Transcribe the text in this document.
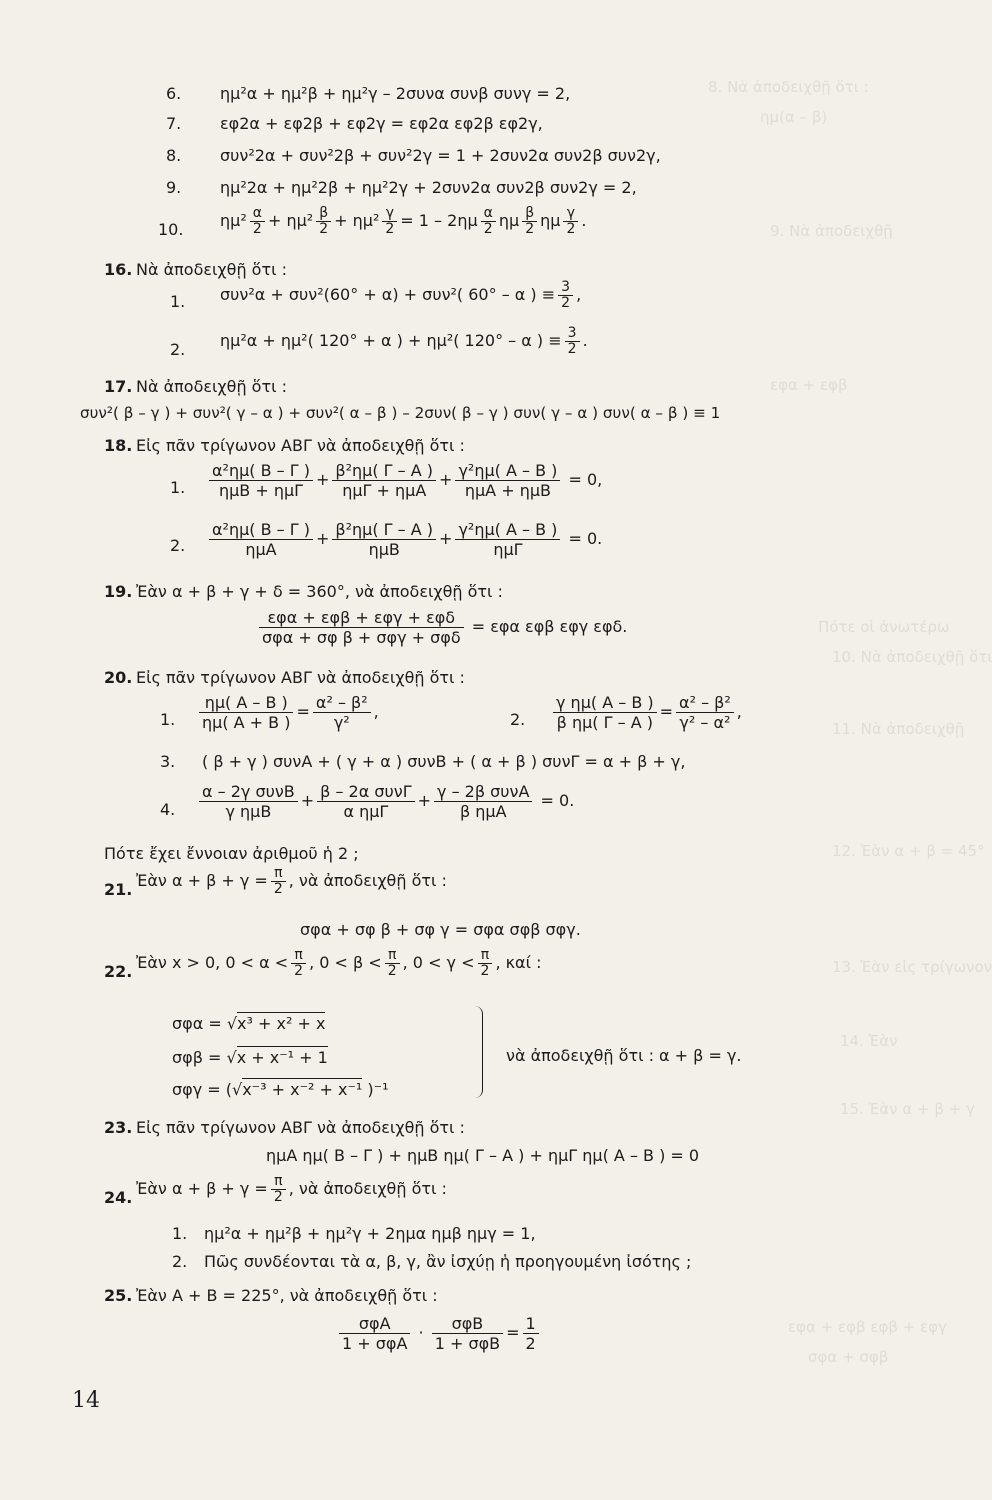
8. Νὰ ἀποδειχθῇ ὅτι :
ημ(α – β)
9. Νὰ ἀποδειχθῇ
εφα + εφβ
Πότε οἱ ἀνωτέρω
10. Νὰ ἀποδειχθῇ ὅτι
11. Νὰ ἀποδειχθῇ
12. Ἐὰν α + β = 45°
13. Ἐὰν εἰς τρίγωνον
14. Ἐὰν
15. Ἐὰν α + β + γ
εφα + εφβ εφβ + εφγ
σφα + σφβ
6. ημ²α + ημ²β + ημ²γ – 2συνα συνβ συνγ = 2,
7. εφ2α + εφ2β + εφ2γ = εφ2α εφ2β εφ2γ,
8. συν²2α + συν²2β + συν²2γ = 1 + 2συν2α συν2β συν2γ,
9. ημ²2α + ημ²2β + ημ²2γ + 2συν2α συν2β συν2γ = 2,
10. $\eta\mu^2 \frac{\alpha}{2} + \eta\mu^2 \frac{\beta}{2} + \eta\mu^2 \frac{\gamma}{2} = 1 - 2\eta\mu \frac{\alpha}{2}$ ημ $\frac{\beta}{2}$ ημ $\frac{\gamma}{2}$ .
16. Νὰ ἀποδειχθῇ ὅτι :
1. συν²α + συν²(60° + α) + συν²( 60° – α ) ≡ $\frac{3}{2}$ ,
2. ημ²α + ημ²( 120° + α ) + ημ²( 120° – α ) ≡ $\frac{3}{2}$ .
17. Νὰ ἀποδειχθῇ ὅτι :
συν²( β – γ ) + συν²( γ – α ) + συν²( α – β ) – 2συν( β – γ ) συν( γ – α ) συν( α – β ) ≡ 1
18. Εἰς πᾶν τρίγωνον ΑΒΓ νὰ ἀποδειχθῇ ὅτι :
1. $\frac{\text{α²ημ( Β – Γ )}}{\text{ημΒ + ημΓ}} + \frac{\text{β²ημ( Γ – Α )}}{\text{ημΓ + ημΑ}} + \frac{\text{γ²ημ( Α – Β )}}{\text{ημΑ + ημΒ}} = 0$,
2. $\frac{\text{α²ημ( Β – Γ )}}{\text{ημΑ}} + \frac{\text{β²ημ( Γ – Α )}}{\text{ημΒ}} + \frac{\text{γ²ημ( Α – Β )}}{\text{ημΓ}} = 0$.
19. Ἐὰν α + β + γ + δ = 360°, νὰ ἀποδειχθῇ ὅτι :
$\frac{\text{εφα + εφβ + εφγ + εφδ}}{\text{σφα + σφ β + σφγ + σφδ}} = \varepsilon\varphi\alpha$ εφβ εφγ εφδ.
20. Εἰς πᾶν τρίγωνον ΑΒΓ νὰ ἀποδειχθῇ ὅτι :
1. $\frac{\eta\mu( A - B )}{\eta\mu( A + B )} = \frac{\text{α² – β²}}{\text{γ²}}$ ,	2. $\frac{\text{γ ημ( Α – Β )}}{\text{β ημ( Γ – Α )}} = \frac{\text{α² – β²}}{\text{γ² – α²}}$ ,
3. ( β + γ ) συνΑ + ( γ + α ) συνΒ + ( α + β ) συνΓ = α + β + γ,
4. $\frac{\text{α – 2γ συνΒ}}{\text{γ ημΒ}} + \frac{\text{β – 2α συνΓ}}{\text{α ημΓ}} + \frac{\text{γ – 2β συνΑ}}{\text{β ημΑ}} = 0$.
Πότε ἔχει ἔννοιαν ἀριθμοῦ ἡ 2 ;
21. Ἐὰν $\alpha + \beta + \gamma = \frac{\pi}{2}$ , νὰ ἀποδειχθῇ ὅτι :
σφα + σφ β + σφ γ = σφα σφβ σφγ.
22. Ἐὰν x > 0, $0 < \alpha < \frac{\pi}{2}$ , $0 < \beta < \frac{\pi}{2}$ , $0 < \gamma < \frac{\pi}{2}$ , καί :
σφα = √x³ + x² + x
σφβ = √x + x⁻¹ + 1
σφγ = (√x⁻³ + x⁻² + x⁻¹ )⁻¹
νὰ ἀποδειχθῇ ὅτι : α + β = γ.
23. Εἰς πᾶν τρίγωνον ΑΒΓ νὰ ἀποδειχθῇ ὅτι :
ημΑ ημ( Β – Γ ) + ημΒ ημ( Γ – Α ) + ημΓ ημ( Α – Β ) = 0
24. Ἐὰν $\alpha + \beta + \gamma = \frac{\pi}{2}$ , νὰ ἀποδειχθῇ ὅτι :
1. ημ²α + ημ²β + ημ²γ + 2ημα ημβ ημγ = 1,
2. Πῶς συνδέονται τὰ α, β, γ, ἂν ἰσχύῃ ἡ προηγουμένη ἰσότης ;
25. Ἐὰν Α + Β = 225°, νὰ ἀποδειχθῇ ὅτι :
$\frac{\text{σφΑ}}{\text{1 + σφΑ}} \cdot \frac{\text{σφΒ}}{\text{1 + σφΒ}} = \frac{1}{2}$
14
